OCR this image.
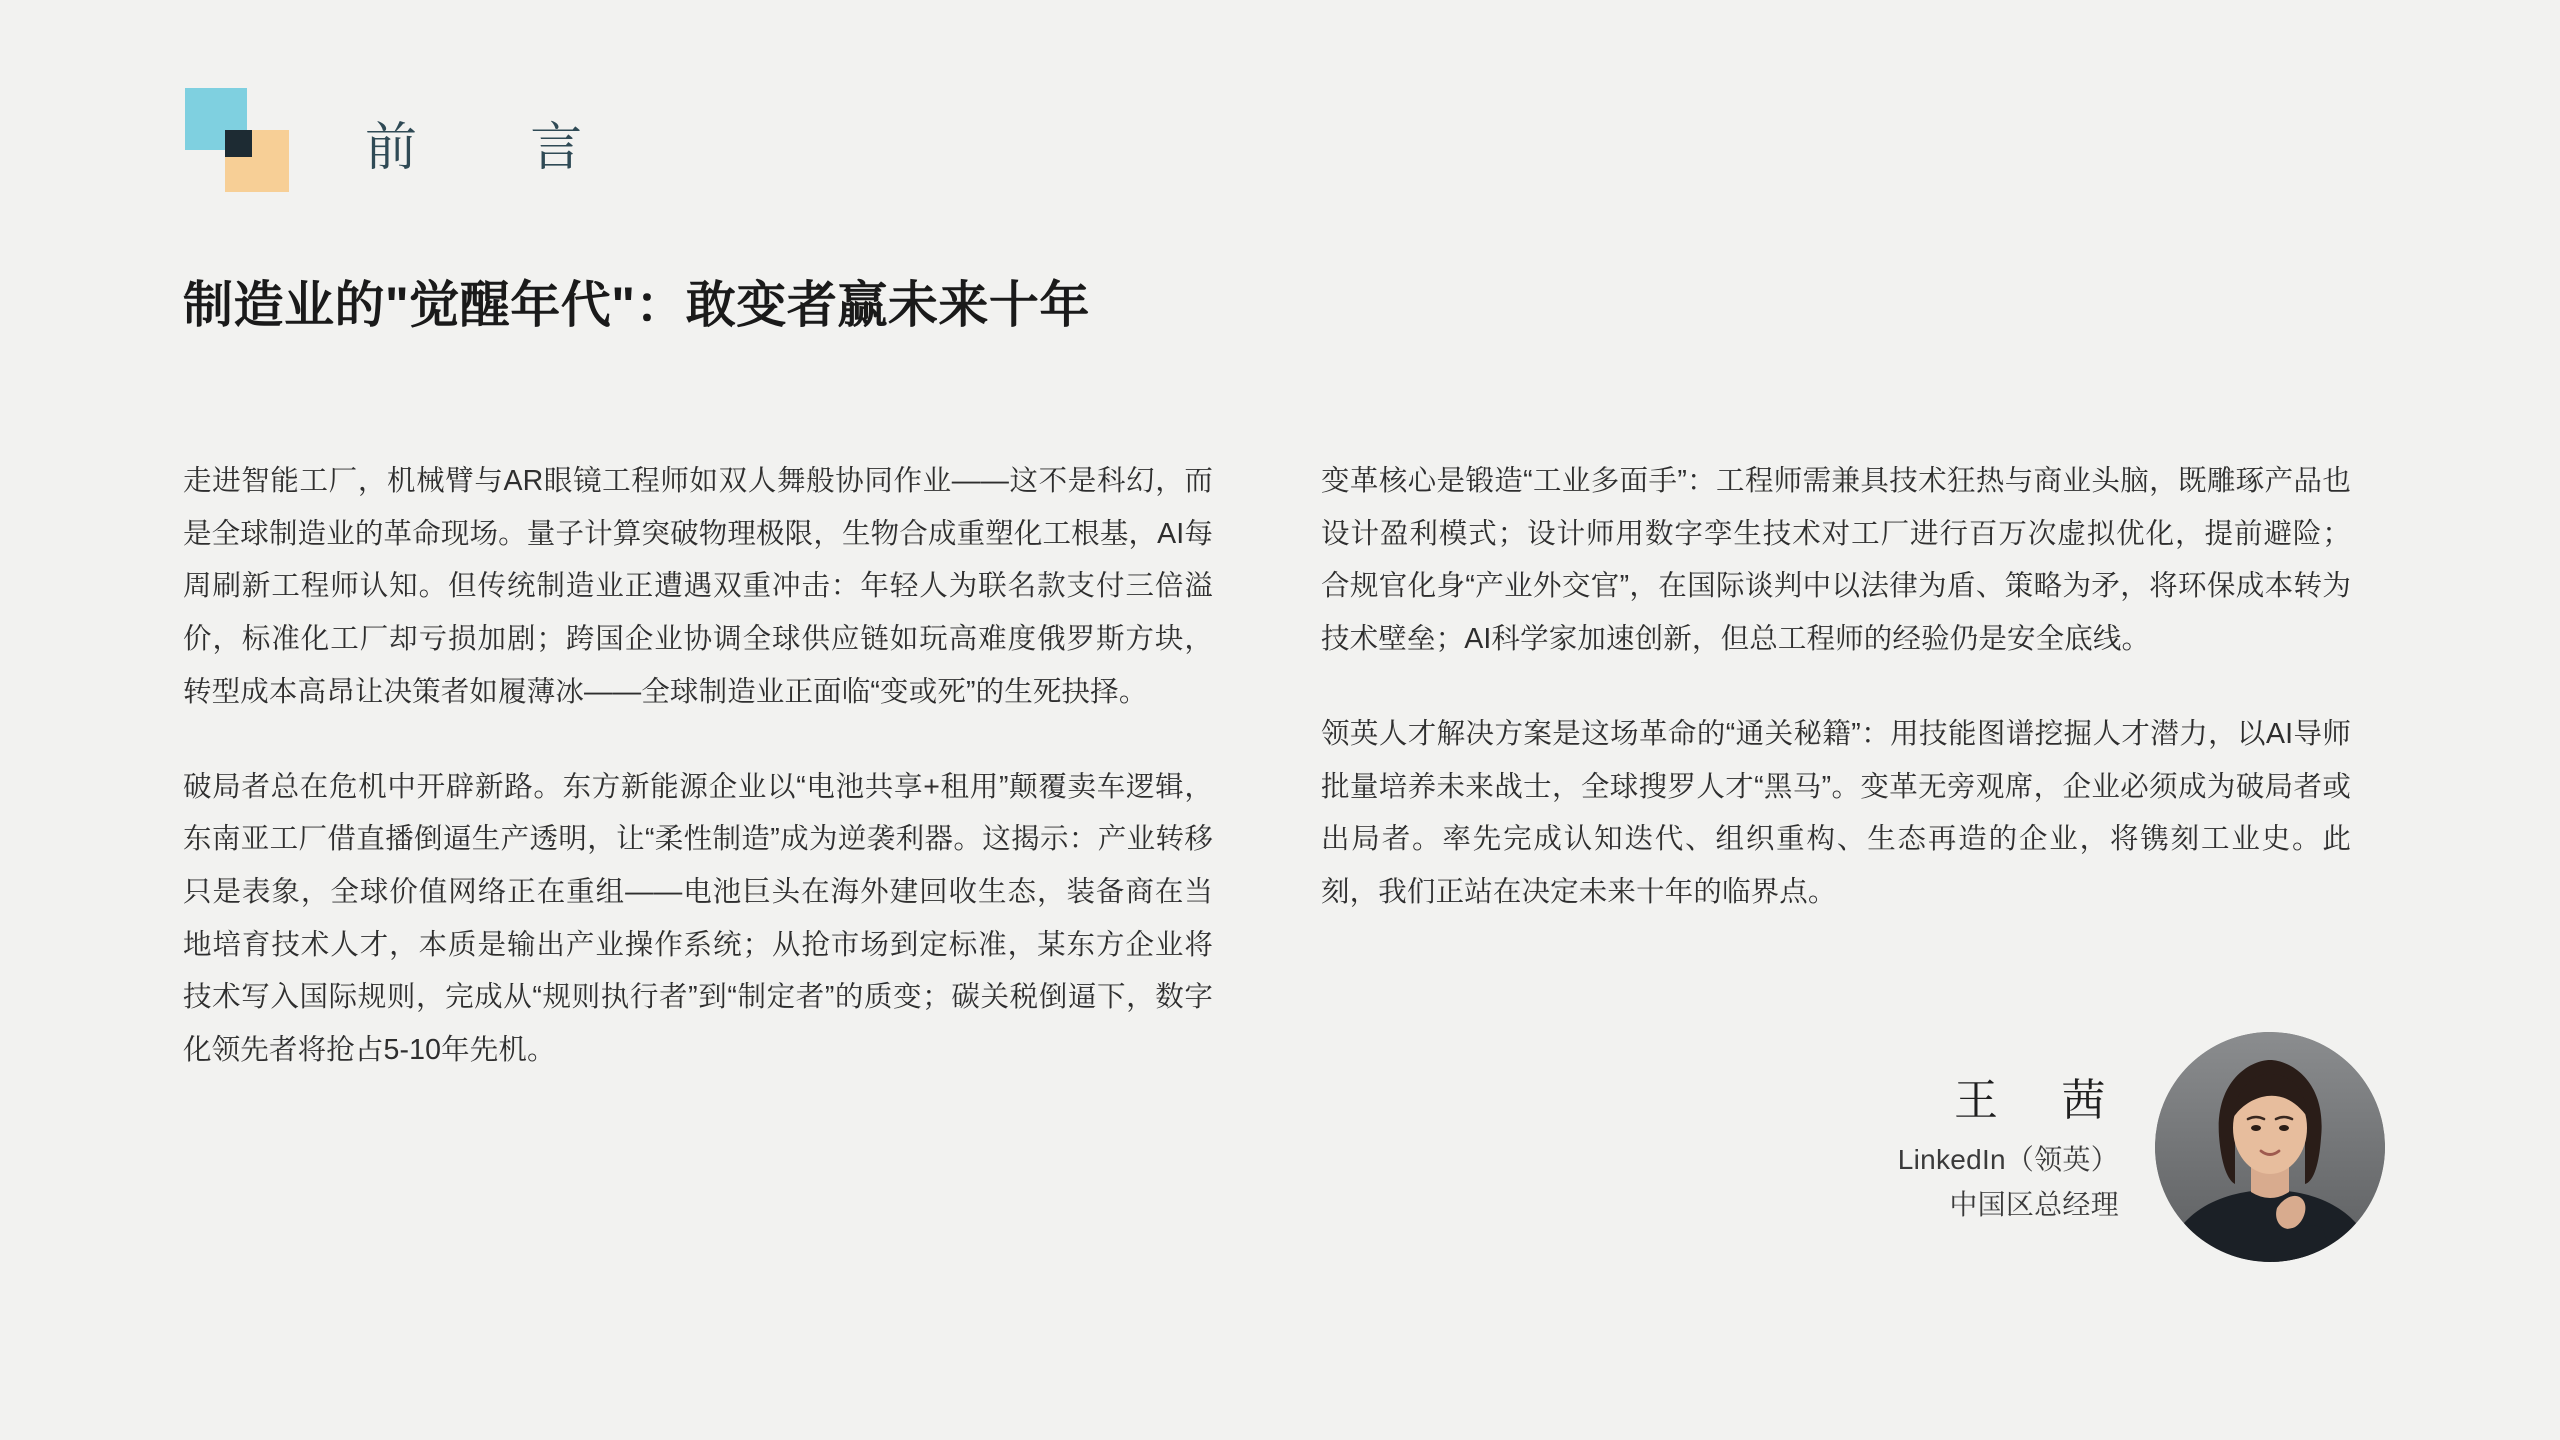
前　 言
制造业的"觉醒年代"：敢变者赢未来十年

走进智能工厂，机械臂与AR眼镜工程师如双人舞般协同作业——这不是科幻，而是全球制造业的革命现场。量子计算突破物理极限，生物合成重塑化工根基，AI每周刷新工程师认知。但传统制造业正遭遇双重冲击：年轻人为联名款支付三倍溢价，标准化工厂却亏损加剧；跨国企业协调全球供应链如玩高难度俄罗斯方块，转型成本高昂让决策者如履薄冰——全球制造业正面临“变或死”的生死抉择。

破局者总在危机中开辟新路。东方新能源企业以“电池共享+租用”颠覆卖车逻辑，东南亚工厂借直播倒逼生产透明，让“柔性制造”成为逆袭利器。这揭示：产业转移只是表象，全球价值网络正在重组——电池巨头在海外建回收生态，装备商在当地培育技术人才，本质是输出产业操作系统；从抢市场到定标准，某东方企业将技术写入国际规则，完成从“规则执行者”到“制定者”的质变；碳关税倒逼下，数字化领先者将抢占5-10年先机。

变革核心是锻造“工业多面手”：工程师需兼具技术狂热与商业头脑，既雕琢产品也设计盈利模式；设计师用数字孪生技术对工厂进行百万次虚拟优化，提前避险；合规官化身“产业外交官”，在国际谈判中以法律为盾、策略为矛，将环保成本转为技术壁垒；AI科学家加速创新，但总工程师的经验仍是安全底线。

领英人才解决方案是这场革命的“通关秘籍”：用技能图谱挖掘人才潜力，以AI导师批量培养未来战士，全球搜罗人才“黑马”。变革无旁观席，企业必须成为破局者或出局者。率先完成认知迭代、组织重构、生态再造的企业，将镌刻工业史。此刻，我们正站在决定未来十年的临界点。

王　茜
LinkedIn（领英）
中国区总经理
